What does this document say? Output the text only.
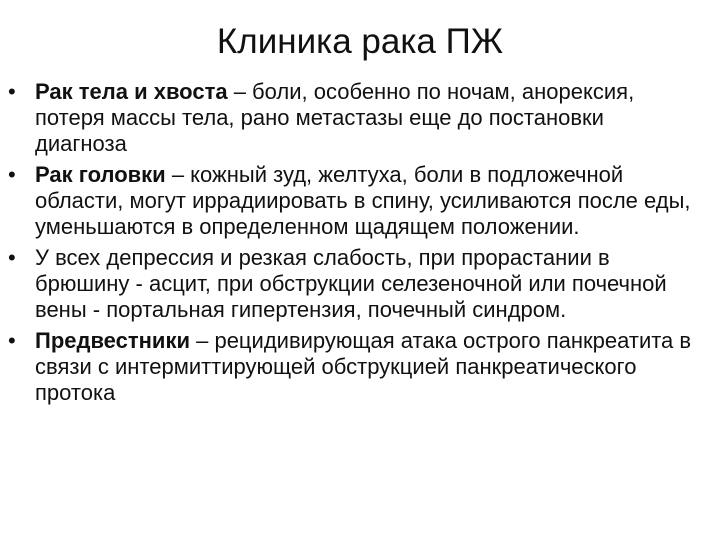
Клиника рака ПЖ
• Рак тела и хвоста – боли, особенно по ночам, анорексия, потеря массы тела, рано метастазы еще до постановки диагноза
• Рак головки – кожный зуд, желтуха, боли в подложечной области, могут иррадиировать в спину, усиливаются после еды, уменьшаются в определенном щадящем положении.
• У всех депрессия и резкая слабость, при прорастании в брюшину - асцит, при обструкции селезеночной или почечной вены - портальная гипертензия, почечный синдром.
• Предвестники – рецидивирующая атака острого панкреатита в связи с интермиттирующей обструкцией панкреатического протока
